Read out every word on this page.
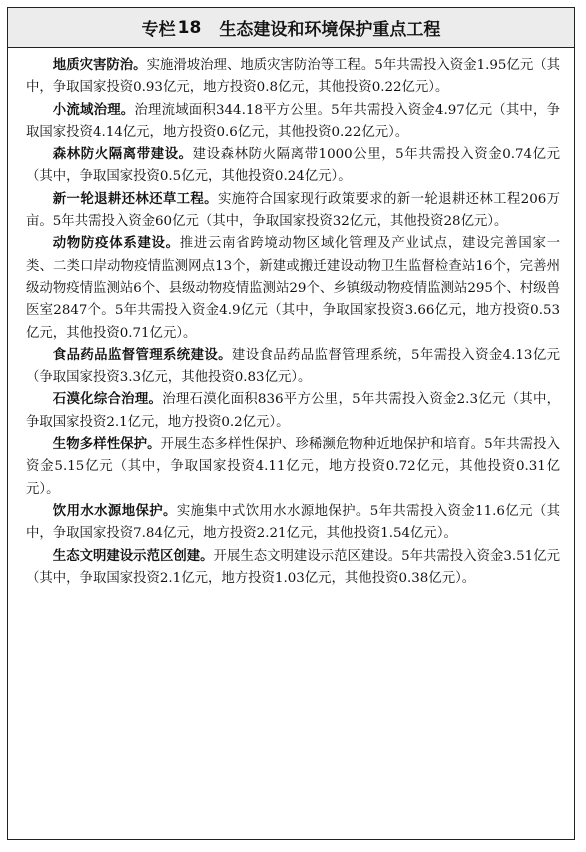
专栏 18 生态建设和环境保护重点工程

地质灾害防治。实施滑坡治理、地质灾害防治等工程。5年共需投入资金1.95亿元（其中，争取国家投资0.93亿元，地方投资0.8亿元，其他投资0.22亿元）。

小流域治理。治理流域面积344.18平方公里。5年共需投入资金4.97亿元（其中，争取国家投资4.14亿元，地方投资0.6亿元，其他投资0.22亿元）。

森林防火隔离带建设。建设森林防火隔离带1000公里，5年共需投入资金0.74亿元（其中，争取国家投资0.5亿元，其他投资0.24亿元）。

新一轮退耕还林还草工程。实施符合国家现行政策要求的新一轮退耕还林工程206万亩。5年共需投入资金60亿元（其中，争取国家投资32亿元，其他投资28亿元）。

动物防疫体系建设。推进云南省跨境动物区域化管理及产业试点，建设完善国家一类、二类口岸动物疫情监测网点13个，新建或搬迁建设动物卫生监督检查站16个，完善州级动物疫情监测站6个、县级动物疫情监测站29个、乡镇级动物疫情监测站295个、村级兽医室2847个。5年共需投入资金4.9亿元（其中，争取国家投资3.66亿元，地方投资0.53亿元，其他投资0.71亿元）。

食品药品监督管理系统建设。建设食品药品监督管理系统，5年需投入资金4.13亿元（争取国家投资3.3亿元，其他投资0.83亿元）。

石漠化综合治理。治理石漠化面积836平方公里，5年共需投入资金2.3亿元（其中，争取国家投资2.1亿元，地方投资0.2亿元）。

生物多样性保护。开展生态多样性保护、珍稀濒危物种近地保护和培育。5年共需投入资金5.15亿元（其中，争取国家投资4.11亿元，地方投资0.72亿元，其他投资0.31亿元）。

饮用水水源地保护。实施集中式饮用水水源地保护。5年共需投入资金11.6亿元（其中，争取国家投资7.84亿元，地方投资2.21亿元，其他投资1.54亿元）。

生态文明建设示范区创建。开展生态文明建设示范区建设。5年共需投入资金3.51亿元（其中，争取国家投资2.1亿元，地方投资1.03亿元，其他投资0.38亿元）。
